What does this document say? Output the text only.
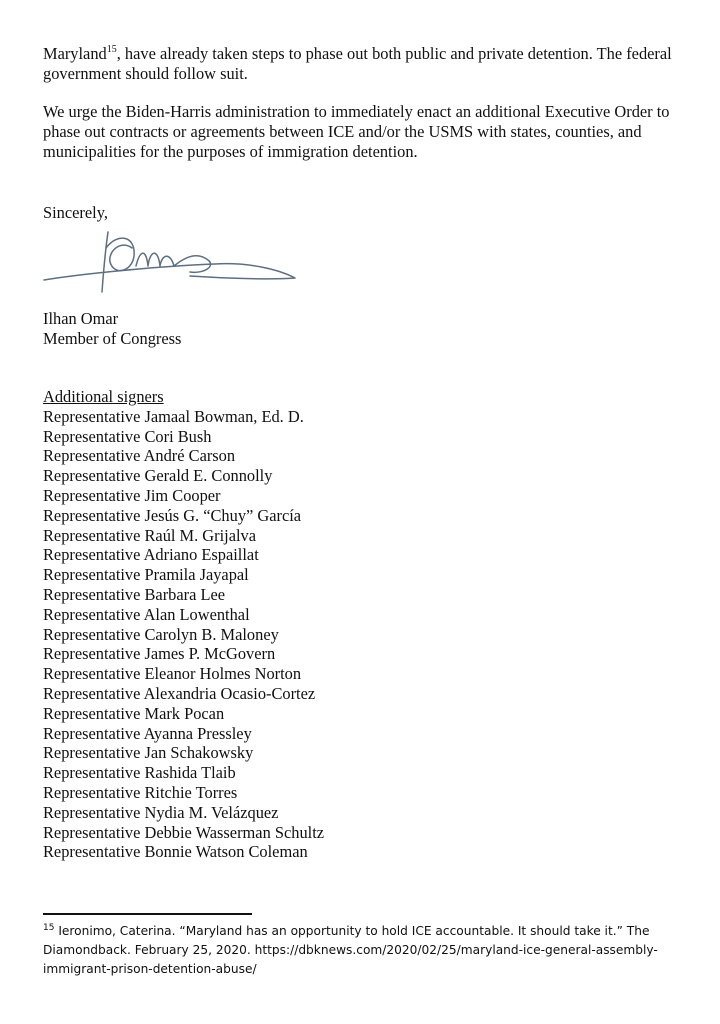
Maryland$^{15}$, have already taken steps to phase out both public and private detention. The federal government should follow suit.

We urge the Biden-Harris administration to immediately enact an additional Executive Order to phase out contracts or agreements between ICE and/or the USMS with states, counties, and municipalities for the purposes of immigration detention.

Sincerely,
Ilhan Omar
Member of Congress
Additional signers
Representative Jamaal Bowman, Ed. D.
Representative Cori Bush
Representative André Carson
Representative Gerald E. Connolly
Representative Jim Cooper
Representative Jesús G. “Chuy” García
Representative Raúl M. Grijalva
Representative Adriano Espaillat
Representative Pramila Jayapal
Representative Barbara Lee
Representative Alan Lowenthal
Representative Carolyn B. Maloney
Representative James P. McGovern
Representative Eleanor Holmes Norton
Representative Alexandria Ocasio-Cortez
Representative Mark Pocan
Representative Ayanna Pressley
Representative Jan Schakowsky
Representative Rashida Tlaib
Representative Ritchie Torres
Representative Nydia M. Velázquez
Representative Debbie Wasserman Schultz
Representative Bonnie Watson Coleman
$^{15}$ Ieronimo, Caterina. “Maryland has an opportunity to hold ICE accountable. It should take it.” The Diamondback. February 25, 2020. https://dbknews.com/2020/02/25/maryland-ice-general-assembly-immigrant-prison-detention-abuse/
